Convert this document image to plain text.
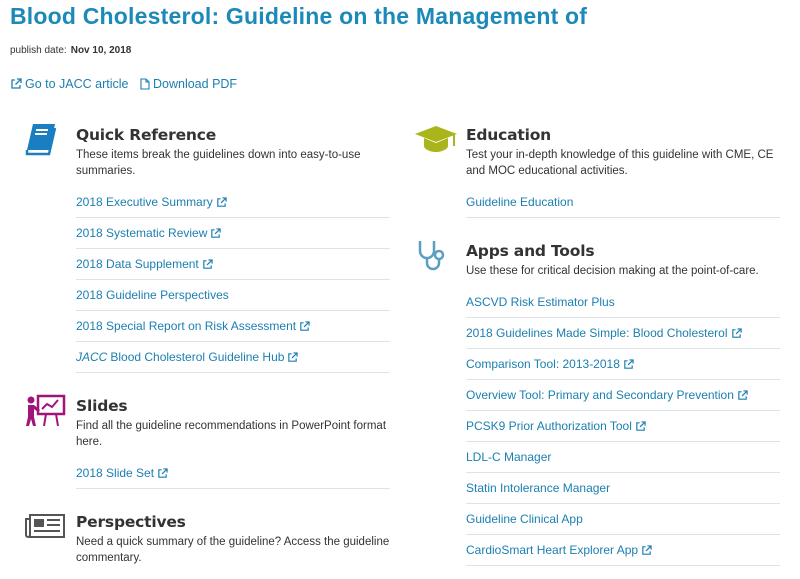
Blood Cholesterol: Guideline on the Management of
publish date: Nov 10, 2018
Go to JACC article
Download PDF
Quick Reference

These items break the guidelines down into easy-to-use summaries.

2018 Executive Summary
2018 Systematic Review
2018 Data Supplement
2018 Guideline Perspectives
2018 Special Report on Risk Assessment
JACC Blood Cholesterol Guideline Hub
Slides

Find all the guideline recommendations in PowerPoint format here.

2018 Slide Set
Perspectives

Need a quick summary of the guideline? Access the guideline commentary.

Education

Test your in-depth knowledge of this guideline with CME, CE and MOC educational activities.

Guideline Education
Apps and Tools

Use these for critical decision making at the point-of-care.

ASCVD Risk Estimator Plus
2018 Guidelines Made Simple: Blood Cholesterol
Comparison Tool: 2013-2018
Overview Tool: Primary and Secondary Prevention
PCSK9 Prior Authorization Tool
LDL-C Manager
Statin Intolerance Manager
Guideline Clinical App
CardioSmart Heart Explorer App
